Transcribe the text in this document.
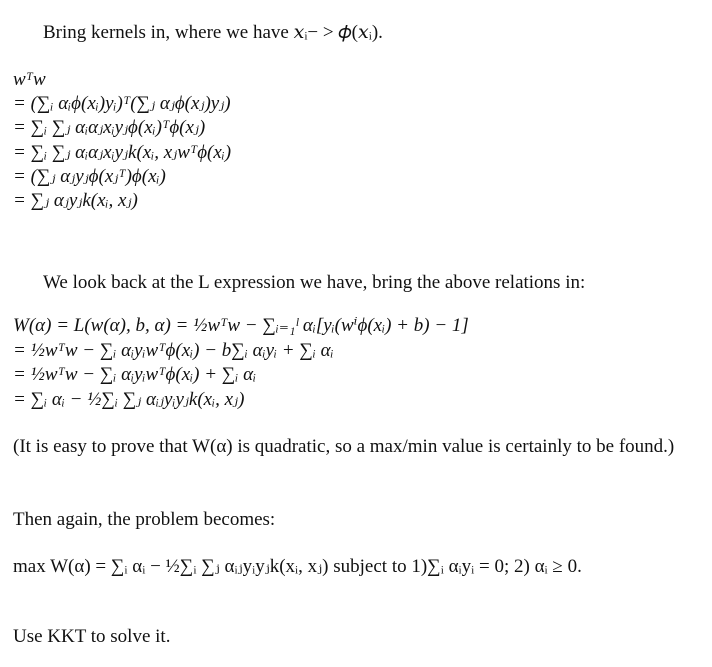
Bring kernels in, where we have 𝑥ᵢ− > 𝜙(𝑥ᵢ).
wᵀw
= (∑ᵢ αᵢϕ(xᵢ)yᵢ)ᵀ(∑ⱼ αⱼϕ(xⱼ)yⱼ)
= ∑ᵢ ∑ⱼ αᵢαⱼxᵢyⱼϕ(xᵢ)ᵀϕ(xⱼ)
= ∑ᵢ ∑ⱼ αᵢαⱼxᵢyⱼk(xᵢ, xⱼwᵀϕ(xᵢ)
= (∑ⱼ αⱼyⱼϕ(xⱼᵀ)ϕ(xᵢ)
= ∑ⱼ αⱼyⱼk(xᵢ, xⱼ)
We look back at the L expression we have, bring the above relations in:
W(α) = L(w(α), b, α) = ½wᵀw − ∑ᵢ₌₁ˡ αᵢ[yᵢ(wⁱϕ(xᵢ) + b) − 1]
= ½wᵀw − ∑ᵢ αᵢyᵢwᵀϕ(xᵢ) − b∑ᵢ αᵢyᵢ + ∑ᵢ αᵢ
= ½wᵀw − ∑ᵢ αᵢyᵢwᵀϕ(xᵢ) + ∑ᵢ αᵢ
= ∑ᵢ αᵢ − ½∑ᵢ ∑ⱼ αᵢⱼyᵢyⱼk(xᵢ, xⱼ)
(It is easy to prove that W(α) is quadratic, so a max/min value is certainly to be found.)
Then again, the problem becomes:
max W(α) = ∑ᵢ αᵢ − ½∑ᵢ ∑ⱼ αᵢⱼyᵢyⱼk(xᵢ, xⱼ) subject to 1)∑ᵢ αᵢyᵢ = 0; 2) αᵢ ≥ 0.
Use KKT to solve it.
